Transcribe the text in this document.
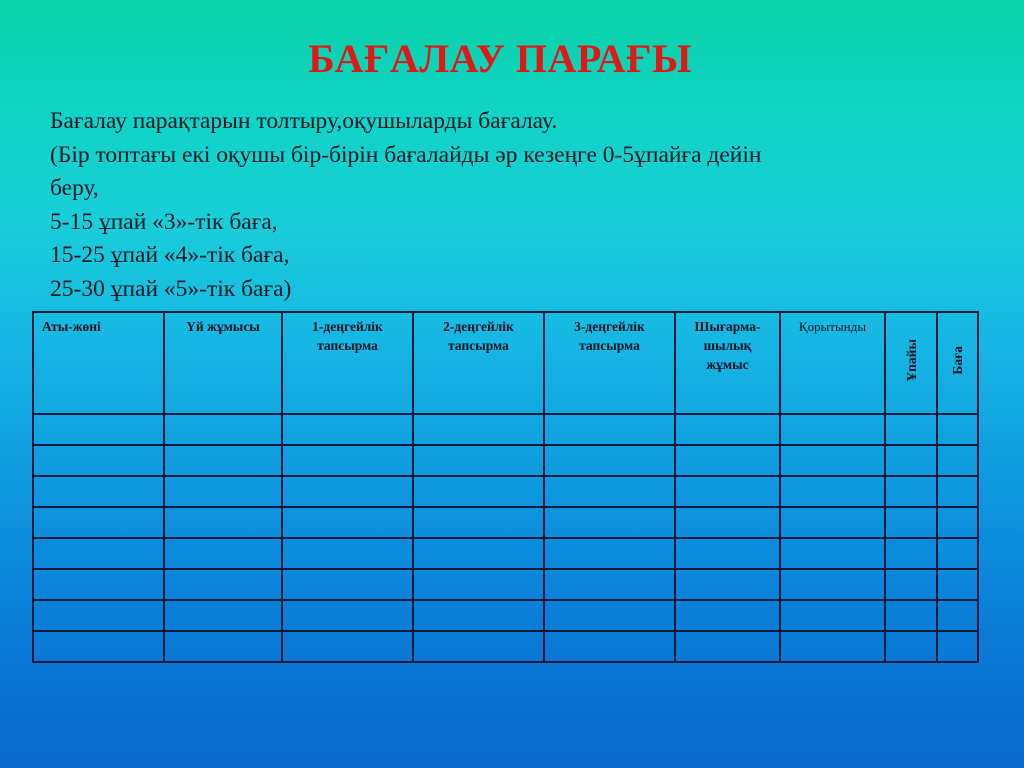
БАҒАЛАУ ПАРАҒЫ
Бағалау парақтарын толтыру,оқушыларды бағалау.
(Бір топтағы екі оқушы бір-бірін бағалайды әр кезеңге 0-5ұпайға дейін
беру,
5-15 ұпай «3»-тік баға,
15-25 ұпай «4»-тік баға,
25-30 ұпай «5»-тік баға)
Аты-жөні	Үй жұмысы	1-деңгейлік тапсырма	2-деңгейлік тапсырма	3-деңгейлік тапсырма	Шығарма-шылық жұмыс	Қорытынды	Ұпайы	Баға
